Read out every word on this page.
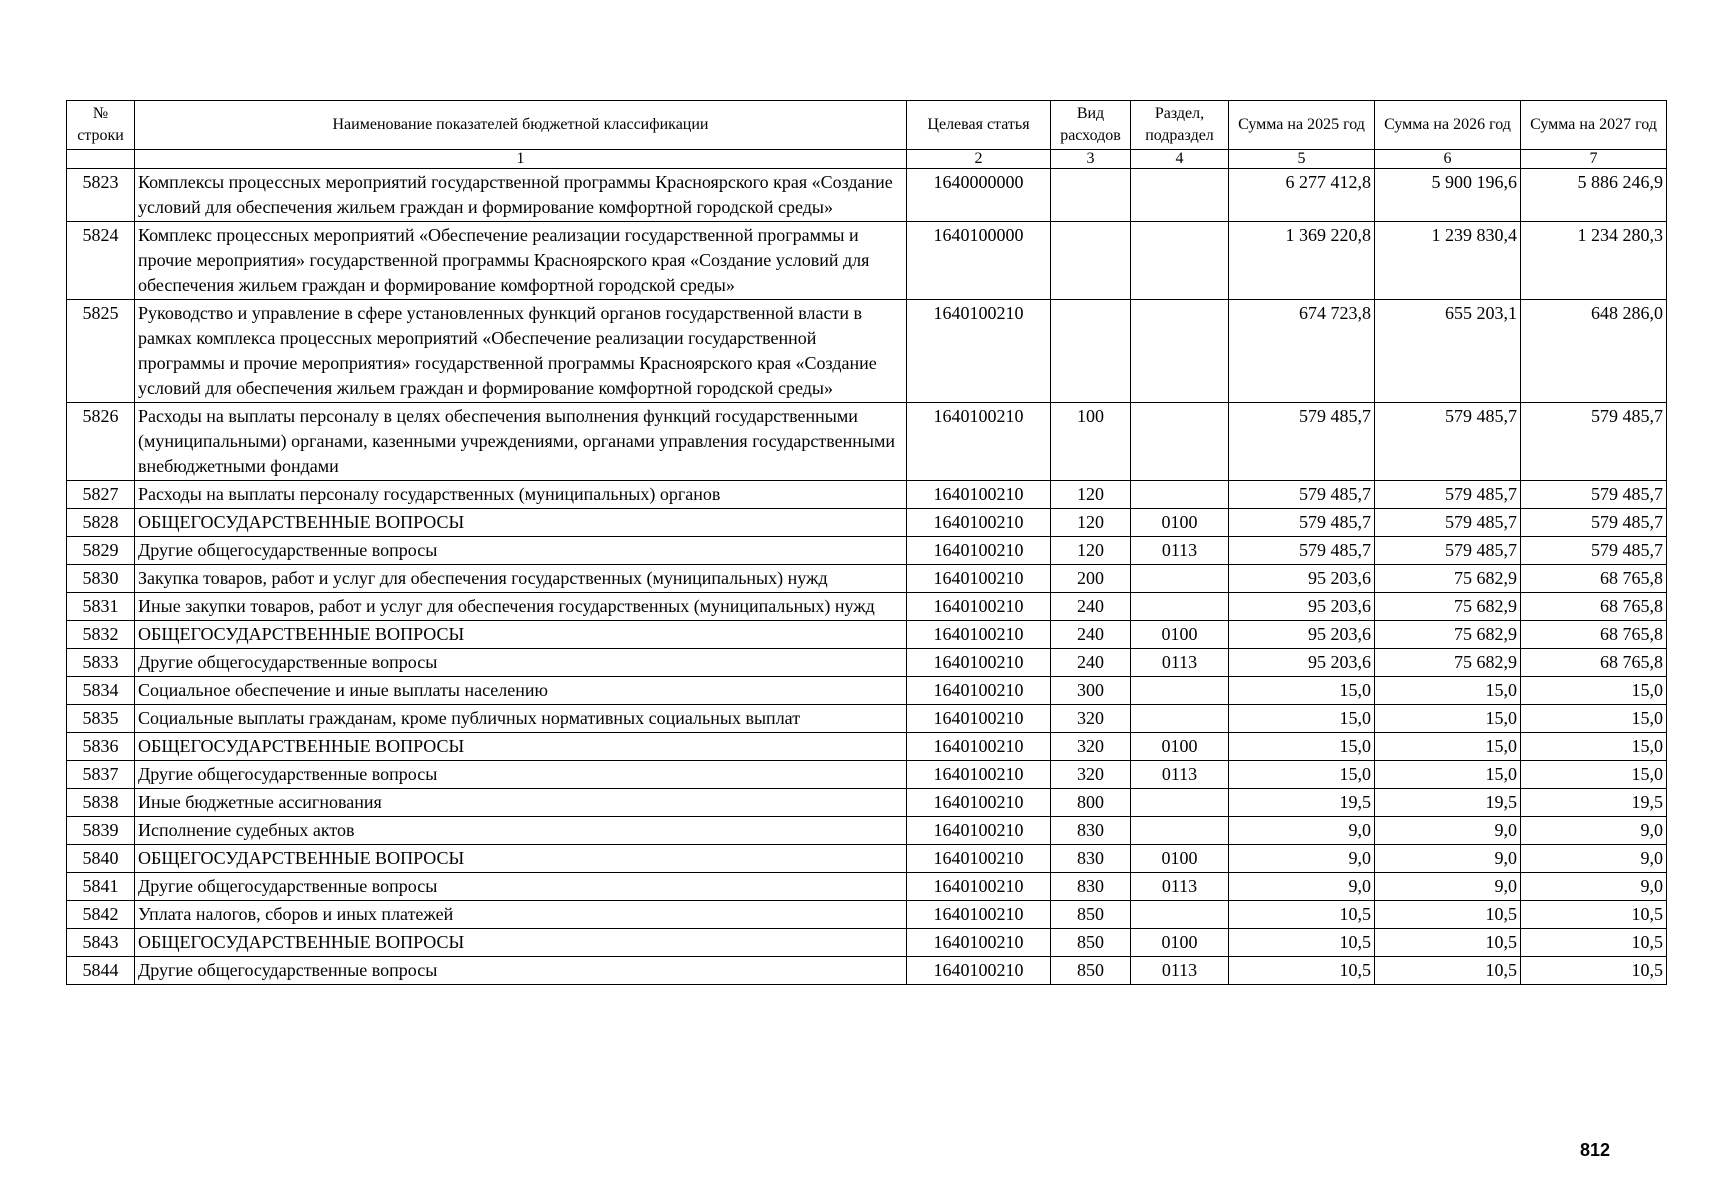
№ строки	Наименование показателей бюджетной классификации	Целевая статья	Вид расходов	Раздел, подраздел	Сумма на 2025 год	Сумма на 2026 год	Сумма на 2027 год
	1	2	3	4	5	6	7
5823	Комплексы процессных мероприятий государственной программы Красноярского края «Создание условий для обеспечения жильем граждан и формирование комфортной городской среды»	1640000000			6 277 412,8	5 900 196,6	5 886 246,9
5824	Комплекс процессных мероприятий «Обеспечение реализации государственной программы и прочие мероприятия» государственной программы Красноярского края «Создание условий для обеспечения жильем граждан и формирование комфортной городской среды»	1640100000			1 369 220,8	1 239 830,4	1 234 280,3
5825	Руководство и управление в сфере установленных функций органов государственной власти в рамках комплекса процессных мероприятий «Обеспечение реализации государственной программы и прочие мероприятия» государственной программы Красноярского края «Создание условий для обеспечения жильем граждан и формирование комфортной городской среды»	1640100210			674 723,8	655 203,1	648 286,0
5826	Расходы на выплаты персоналу в целях обеспечения выполнения функций государственными (муниципальными) органами, казенными учреждениями, органами управления государственными внебюджетными фондами	1640100210	100		579 485,7	579 485,7	579 485,7
5827	Расходы на выплаты персоналу государственных (муниципальных) органов	1640100210	120		579 485,7	579 485,7	579 485,7
5828	ОБЩЕГОСУДАРСТВЕННЫЕ ВОПРОСЫ	1640100210	120	0100	579 485,7	579 485,7	579 485,7
5829	Другие общегосударственные вопросы	1640100210	120	0113	579 485,7	579 485,7	579 485,7
5830	Закупка товаров, работ и услуг для обеспечения государственных (муниципальных) нужд	1640100210	200		95 203,6	75 682,9	68 765,8
5831	Иные закупки товаров, работ и услуг для обеспечения государственных (муниципальных) нужд	1640100210	240		95 203,6	75 682,9	68 765,8
5832	ОБЩЕГОСУДАРСТВЕННЫЕ ВОПРОСЫ	1640100210	240	0100	95 203,6	75 682,9	68 765,8
5833	Другие общегосударственные вопросы	1640100210	240	0113	95 203,6	75 682,9	68 765,8
5834	Социальное обеспечение и иные выплаты населению	1640100210	300		15,0	15,0	15,0
5835	Социальные выплаты гражданам, кроме публичных нормативных социальных выплат	1640100210	320		15,0	15,0	15,0
5836	ОБЩЕГОСУДАРСТВЕННЫЕ ВОПРОСЫ	1640100210	320	0100	15,0	15,0	15,0
5837	Другие общегосударственные вопросы	1640100210	320	0113	15,0	15,0	15,0
5838	Иные бюджетные ассигнования	1640100210	800		19,5	19,5	19,5
5839	Исполнение судебных актов	1640100210	830		9,0	9,0	9,0
5840	ОБЩЕГОСУДАРСТВЕННЫЕ ВОПРОСЫ	1640100210	830	0100	9,0	9,0	9,0
5841	Другие общегосударственные вопросы	1640100210	830	0113	9,0	9,0	9,0
5842	Уплата налогов, сборов и иных платежей	1640100210	850		10,5	10,5	10,5
5843	ОБЩЕГОСУДАРСТВЕННЫЕ ВОПРОСЫ	1640100210	850	0100	10,5	10,5	10,5
5844	Другие общегосударственные вопросы	1640100210	850	0113	10,5	10,5	10,5
812
